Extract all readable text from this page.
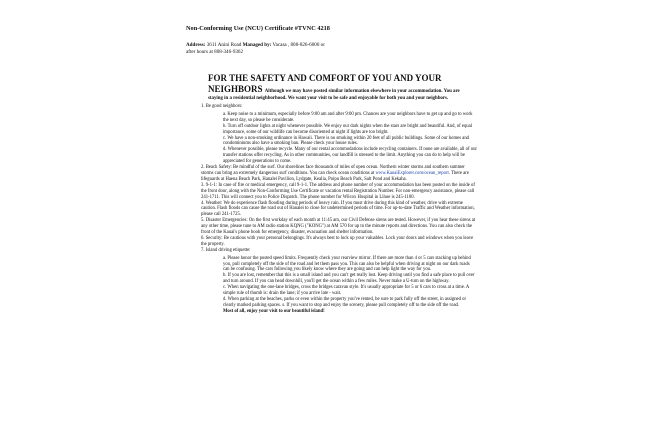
Non-Conforming Use (NCU) Certificate #TVNC 4218
Address: 3611 Anini Road Managed by: Vacasa , 808-826-6000 or
after hours at 808-346-9362
FOR THE SAFETY AND COMFORT OF YOU AND YOUR
NEIGHBORS Although we may have posted similar information elsewhere in your accommodation. You are
staying in a residential neighborhood. We want your visit to be safe and enjoyable for both you and your neighbors.

1. Be good neighbors:

a. Keep noise to a minimum, especially before 9:00 am and after 9:00 pm. Chances are your neighbors have to get up and go to work the next day, so please be considerate.

b. Turn off outdoor lights at night whenever possible. We enjoy our dark nights when the stars are bright and beautiful. And, of equal importance, some of our wildlife can become disoriented at night if lights are too bright.

c. We have a non-smoking ordinance in Hawaii. There is no smoking within 20 feet of all public buildings. Some of our homes and condominiums also have a smoking ban. Please check your house rules.

d. Whenever possible, please recycle. Many of our rental accommodations include recycling containers. If none are available, all of our transfer stations offer recycling. As in other communities, our landfill is stressed to the limit. Anything you can do to help will be appreciated for generations to come.

2. Beach Safety: Be mindful of the surf. Our shorelines face thousands of miles of open ocean. Northern winter storms and southern summer storms can bring an extremely dangerous surf conditions. You can check ocean conditions at www.KauaiExplorer.com/ocean_report. There are lifeguards at Haena Beach Park, Hanalei Pavilion, Lydgate, Kealia, Poipu Beach Park, Salt Pond and Kekaha.

3. 9-1-1: In case of fire or medical emergency, call 9-1-1. The address and phone number of your accommodation has been posted on the inside of the front door, along with the Non-Conforming Use Certificate or vacation rental Registration Number. For non-emergency assistance, please call 241-1711. This will connect you to Police Dispatch. The phone number for Wilcox Hospital in Lihue is 245-1100.

4. Weather: We do experience flash flooding during periods of heavy rain. If you must drive during this kind of weather, drive with extreme caution. Flash floods can cause the road out of Hanalei to close for undetermined periods of time. For up-to-date Traffic and Weather information, please call 241-1725.

5. Disaster Emergencies: On the first workday of each month at 11:45 am, our Civil Defense sirens are tested. However, if you hear these sirens at any other time, please tune to AM radio station KQNG ("KONG") at AM 570 for up to the minute reports and directions. You can also check the front of the Kauai's phone book for emergency, disaster, evacuation and shelter information.

6. Security: Be cautious with your personal belongings. It's always best to lock up your valuables. Lock your doors and windows when you leave the property.

7. Island driving etiquette:

a. Please honor the posted speed limits. Frequently check your rearview mirror. If there are more than 4 or 5 cars stacking up behind you, pull completely off the side of the road and let them pass you. This can also be helpful when driving at night on our dark roads can be confusing. The cars following you likely know where they are going and can help light the way for you.

b. If you are lost, remember that this is a small island and you can't get really lost. Keep driving until you find a safe place to pull over and turn around. If you can head downhill, you'll get the ocean within a few miles. Never make a U-turn on the highway.

c. When navigating the one-lane bridges, cross the bridges caravan style. It's usually appropriate for 5 or 6 cars to cross at a time. A simple rule of thumb is: drain the lane; if you arrive late - wait.

d. When parking at the beaches, parks or even within the property you've rented, be sure to park fully off the street, in assigned or clearly marked parking spaces. s. If you want to stop and enjoy the scenery, please pull completely off to the side off the road.

Most of all, enjoy your visit to our beautiful island!
